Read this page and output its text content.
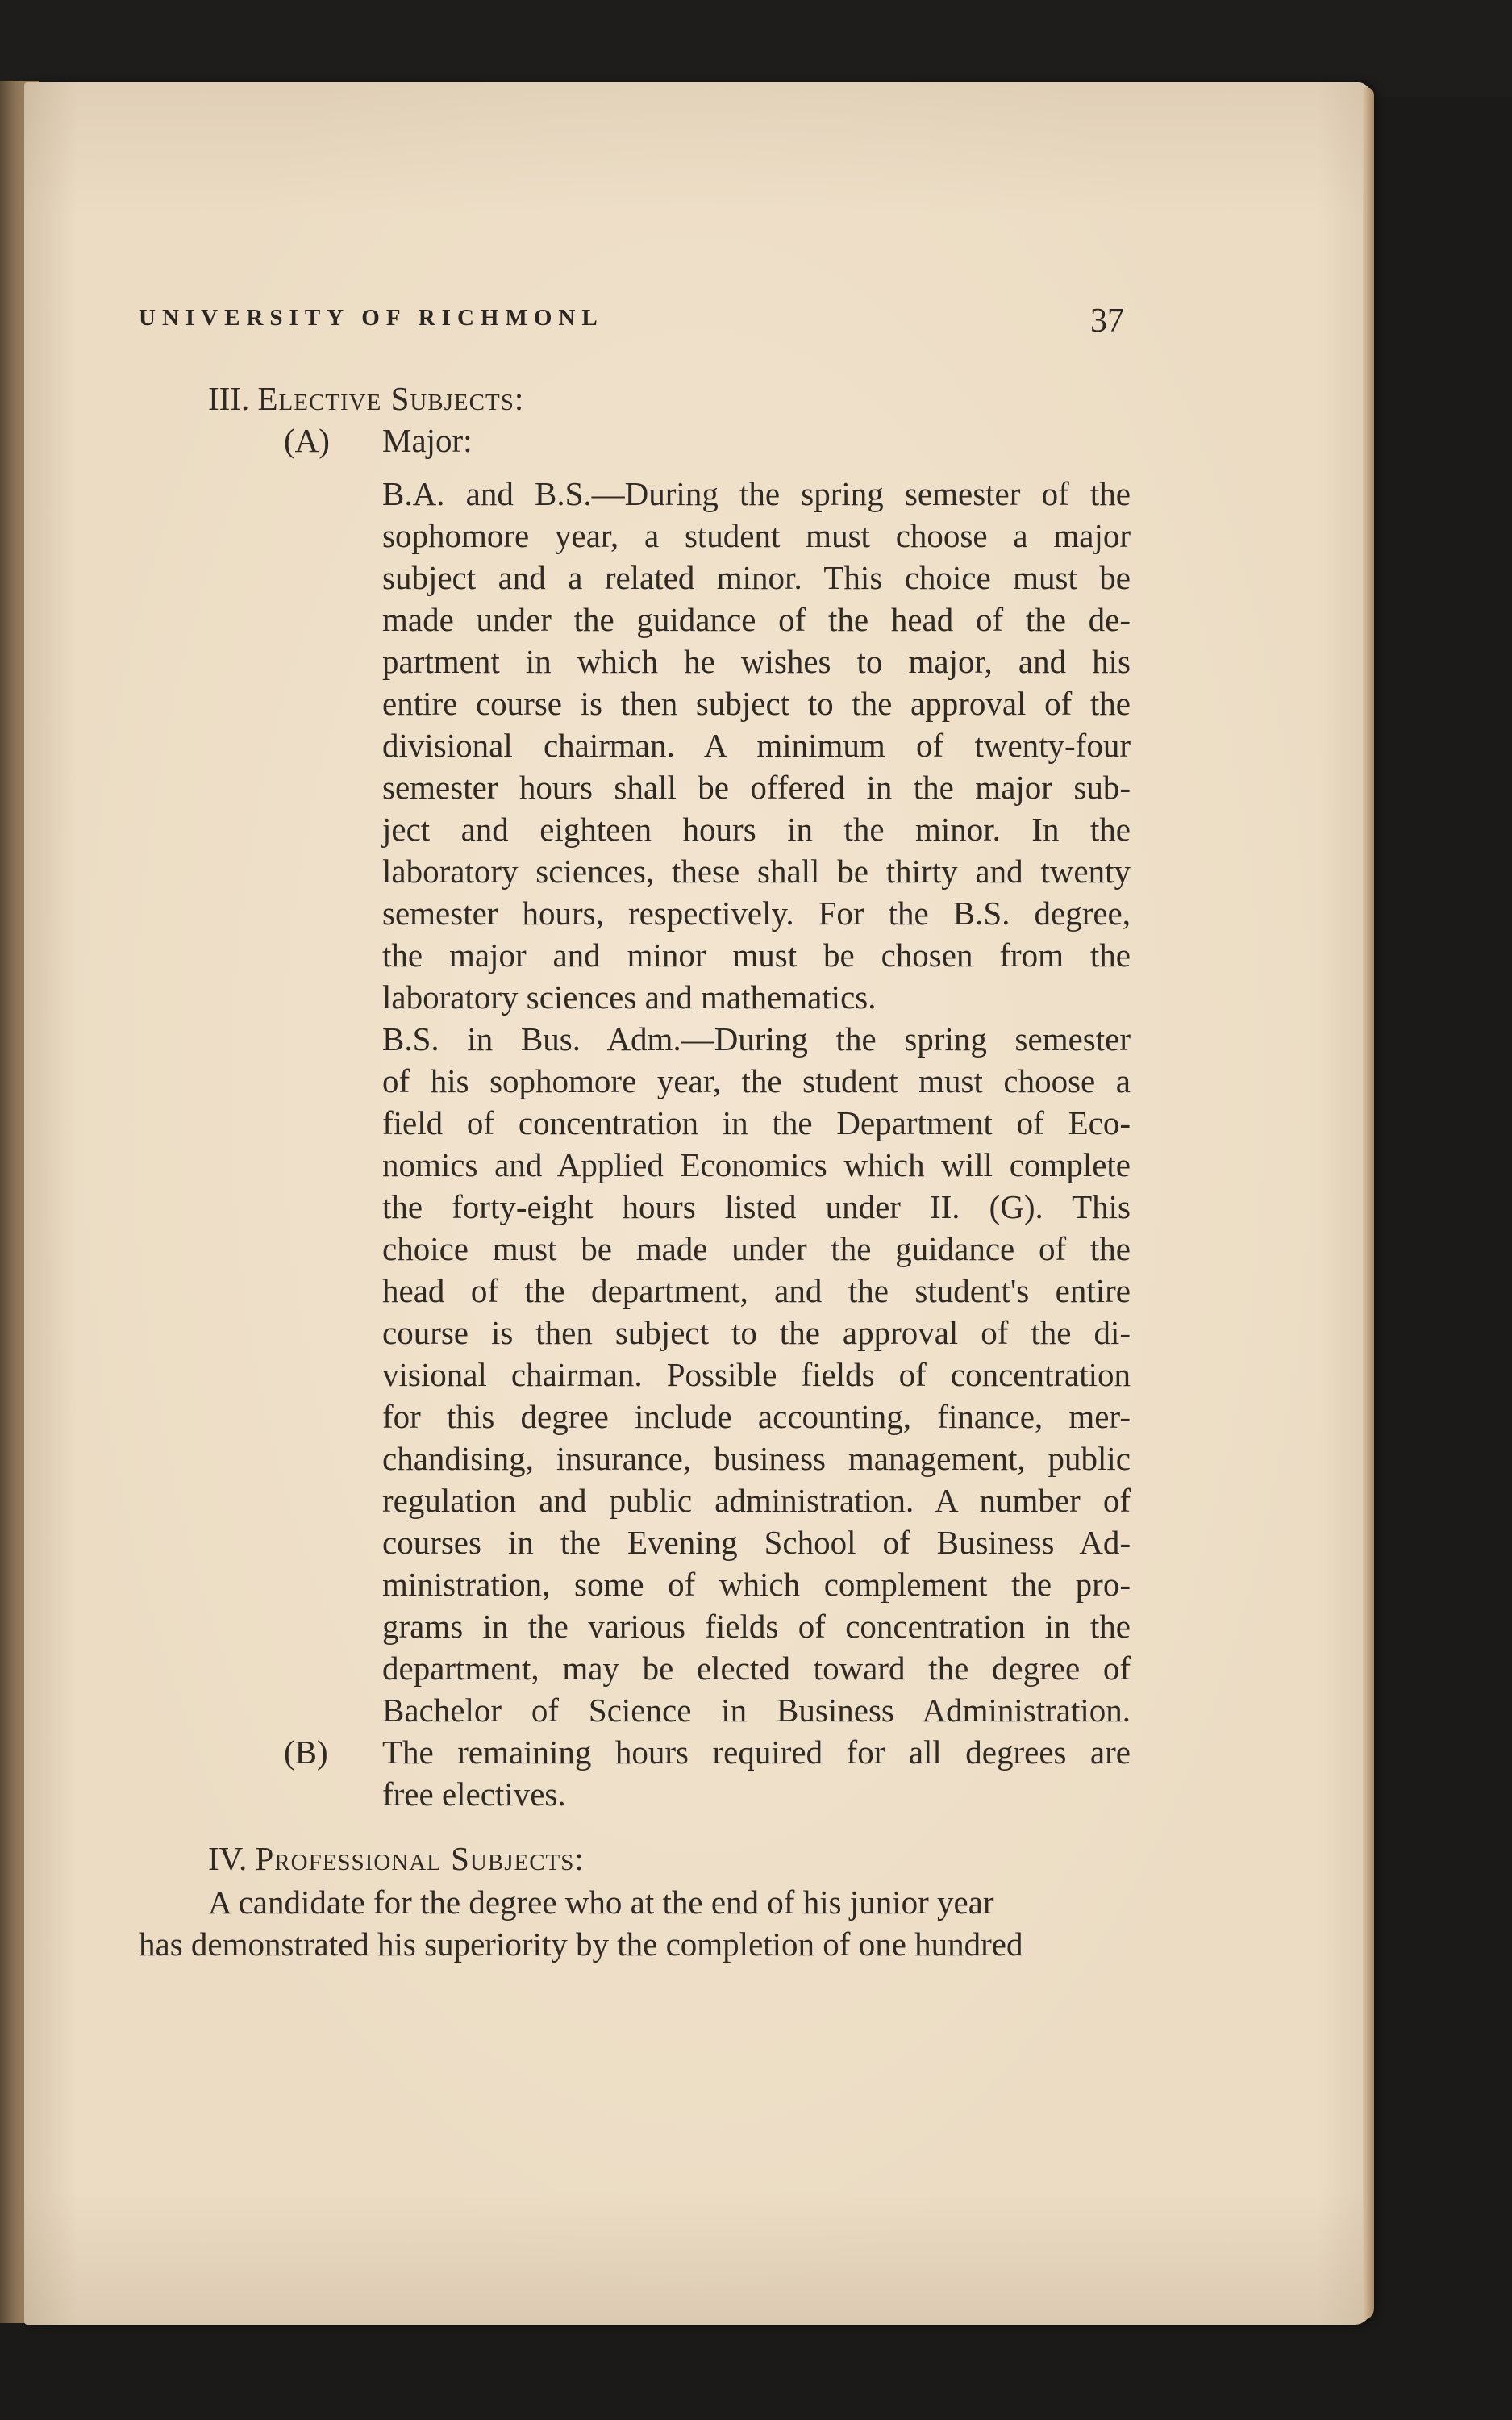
UNIVERSITY OF RICHMONL	37
III. Elective Subjects:
(A) Major:
B.A. and B.S.—During the spring semester of the
sophomore year, a student must choose a major
subject and a related minor. This choice must be
made under the guidance of the head of the de-
partment in which he wishes to major, and his
entire course is then subject to the approval of the
divisional chairman. A minimum of twenty-four
semester hours shall be offered in the major sub-
ject and eighteen hours in the minor. In the
laboratory sciences, these shall be thirty and twenty
semester hours, respectively. For the B.S. degree,
the major and minor must be chosen from the
laboratory sciences and mathematics.
B.S. in Bus. Adm.—During the spring semester
of his sophomore year, the student must choose a
field of concentration in the Department of Eco-
nomics and Applied Economics which will complete
the forty-eight hours listed under II. (G). This
choice must be made under the guidance of the
head of the department, and the student's entire
course is then subject to the approval of the di-
visional chairman. Possible fields of concentration
for this degree include accounting, finance, mer-
chandising, insurance, business management, public
regulation and public administration. A number of
courses in the Evening School of Business Ad-
ministration, some of which complement the pro-
grams in the various fields of concentration in the
department, may be elected toward the degree of
Bachelor of Science in Business Administration.
(B) The remaining hours required for all degrees are
free electives.
IV. Professional Subjects:
A candidate for the degree who at the end of his junior year
has demonstrated his superiority by the completion of one hundred
